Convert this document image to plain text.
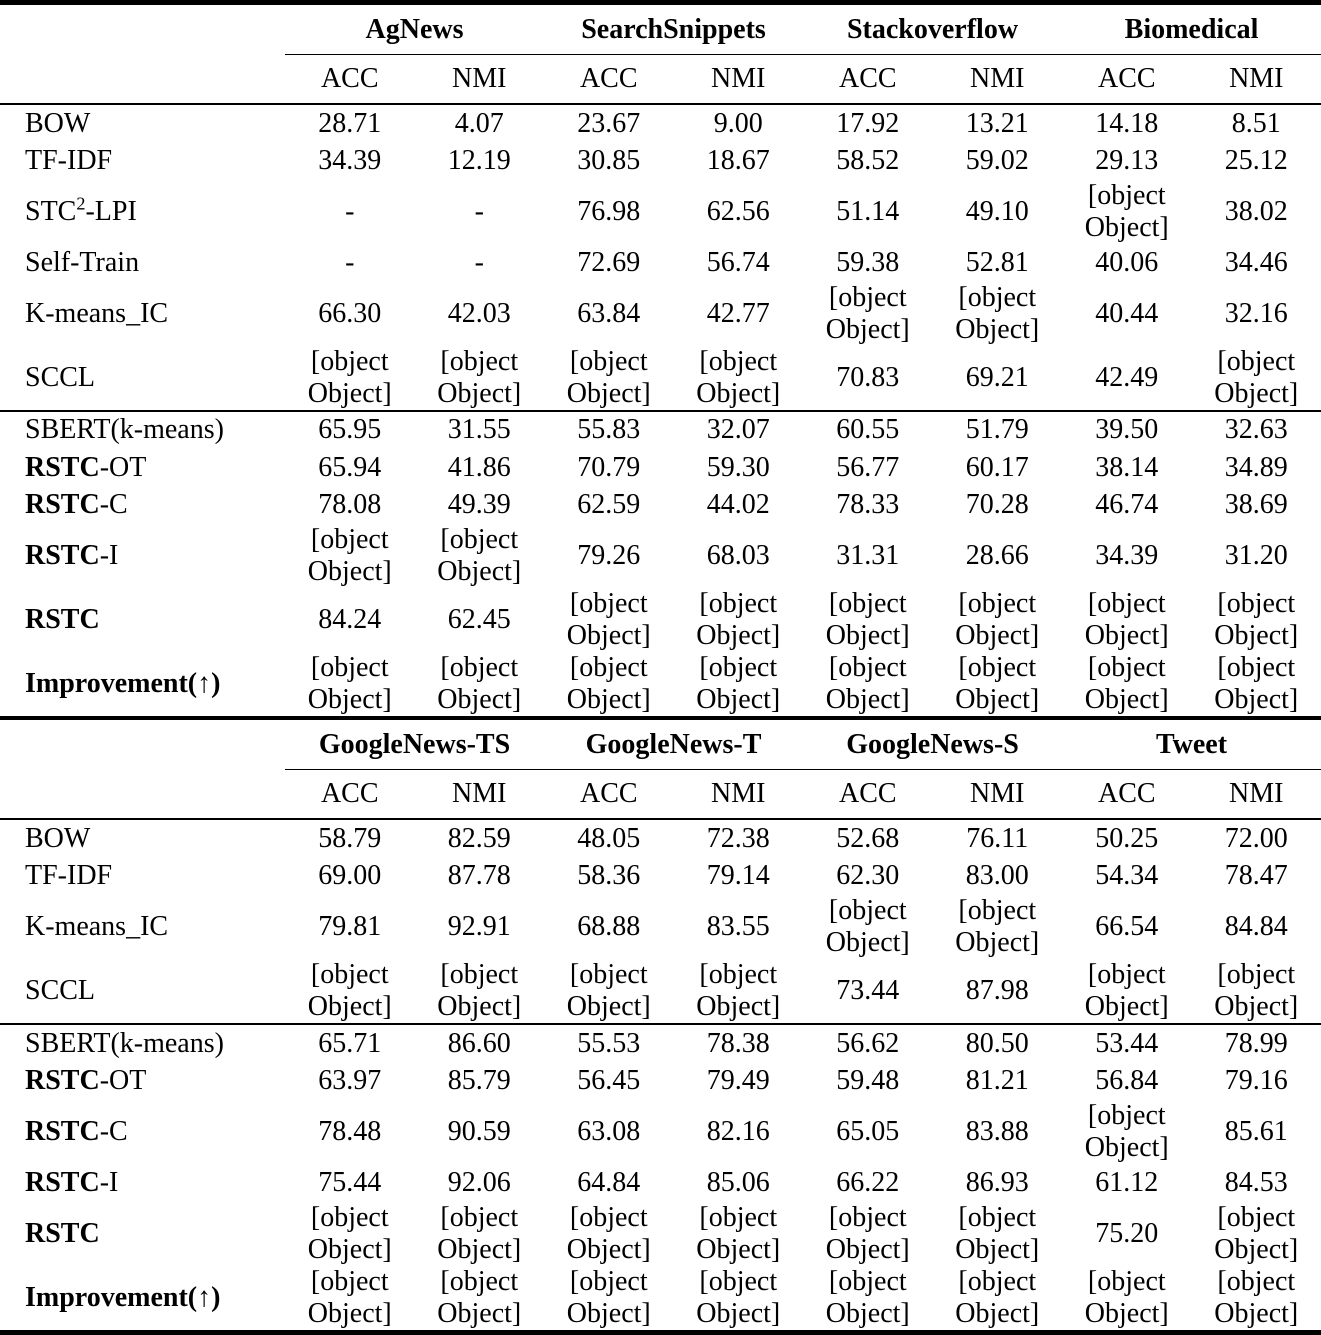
	AgNews		SearchSnippets		Stackoverflow		Biomedical	
	ACC	NMI	ACC	NMI	ACC	NMI	ACC	NMI
BOW	28.71	4.07	23.67	9.00	17.92	13.21	14.18	8.51
TF-IDF	34.39	12.19	30.85	18.67	58.52	59.02	29.13	25.12
STC$^2$-LPI	-	-	76.98	62.56	51.14	49.10	[object Object]	38.02
Self-Train	-	-	72.69	56.74	59.38	52.81	40.06	34.46
K-means_IC	66.30	42.03	63.84	42.77	[object Object]	[object Object]	40.44	32.16
SCCL	[object Object]	[object Object]	[object Object]	[object Object]	70.83	69.21	42.49	[object Object]
SBERT(k-means)	65.95	31.55	55.83	32.07	60.55	51.79	39.50	32.63
RSTC-OT	65.94	41.86	70.79	59.30	56.77	60.17	38.14	34.89
RSTC-C	78.08	49.39	62.59	44.02	78.33	70.28	46.74	38.69
RSTC-I	[object Object]	[object Object]	79.26	68.03	31.31	28.66	34.39	31.20
RSTC	84.24	62.45	[object Object]	[object Object]	[object Object]	[object Object]	[object Object]	[object Object]
Improvement(↑)	[object Object]	[object Object]	[object Object]	[object Object]	[object Object]	[object Object]	[object Object]	[object Object]
	GoogleNews-TS		GoogleNews-T		GoogleNews-S		Tweet	
	ACC	NMI	ACC	NMI	ACC	NMI	ACC	NMI
BOW	58.79	82.59	48.05	72.38	52.68	76.11	50.25	72.00
TF-IDF	69.00	87.78	58.36	79.14	62.30	83.00	54.34	78.47
K-means_IC	79.81	92.91	68.88	83.55	[object Object]	[object Object]	66.54	84.84
SCCL	[object Object]	[object Object]	[object Object]	[object Object]	73.44	87.98	[object Object]	[object Object]
SBERT(k-means)	65.71	86.60	55.53	78.38	56.62	80.50	53.44	78.99
RSTC-OT	63.97	85.79	56.45	79.49	59.48	81.21	56.84	79.16
RSTC-C	78.48	90.59	63.08	82.16	65.05	83.88	[object Object]	85.61
RSTC-I	75.44	92.06	64.84	85.06	66.22	86.93	61.12	84.53
RSTC	[object Object]	[object Object]	[object Object]	[object Object]	[object Object]	[object Object]	75.20	[object Object]
Improvement(↑)	[object Object]	[object Object]	[object Object]	[object Object]	[object Object]	[object Object]	[object Object]	[object Object]
